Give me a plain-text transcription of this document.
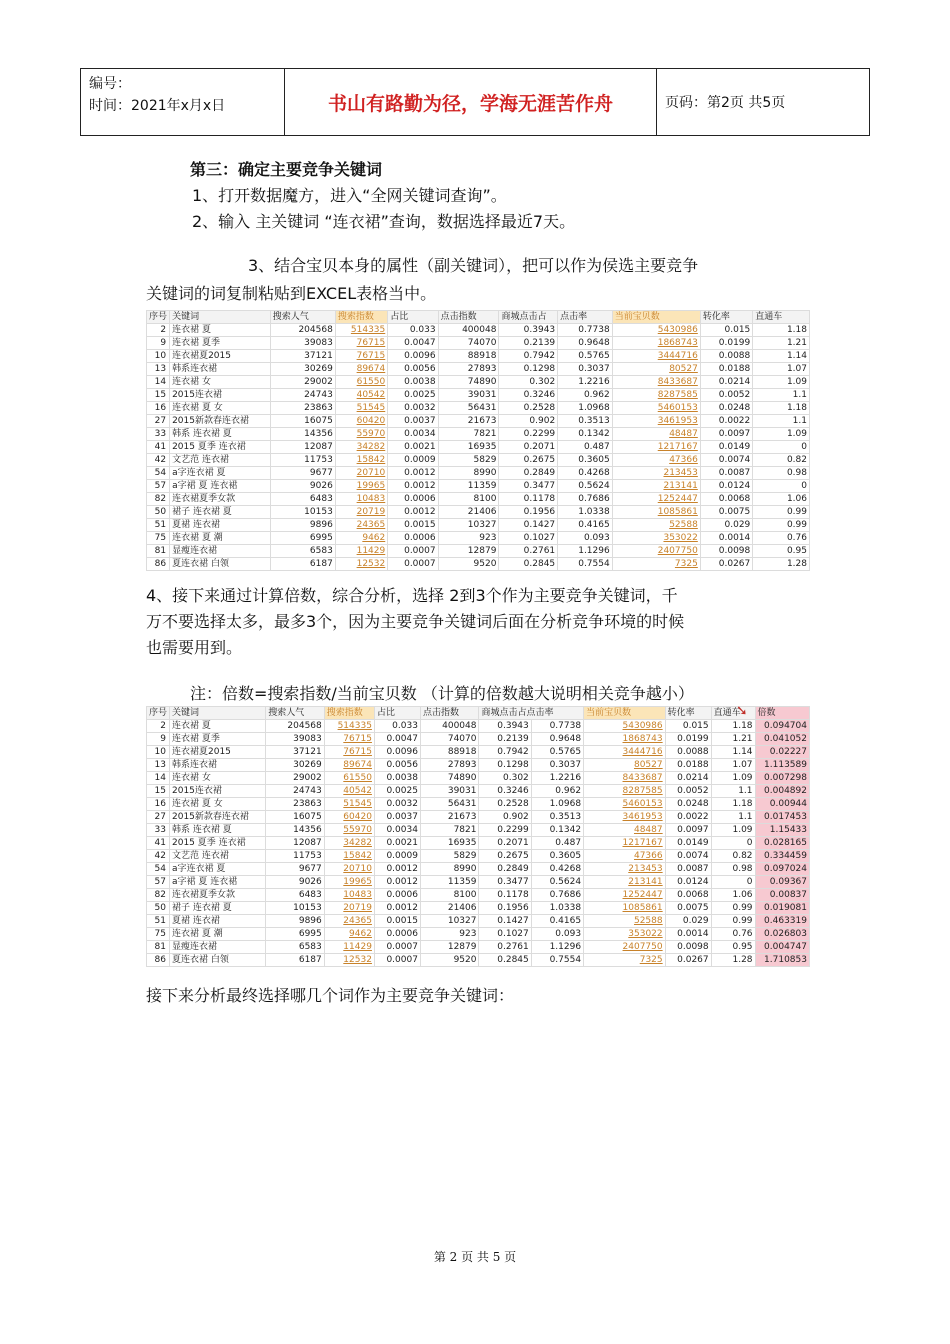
编号：
时间：2021年x月x日	书山有路勤为径，学海无涯苦作舟	页码：第2页 共5页
第三：确定主要竞争关键词
1、打开数据魔方，进入“全网关键词查询”。
2、输入 主关键词 “连衣裙”查询，数据选择最近7天。
3、结合宝贝本身的属性（副关键词），把可以作为侯选主要竞争
关键词的词复制粘贴到EXCEL表格当中。
序号	关键词	搜索人气	搜索指数	占比	点击指数	商城点击占	点击率	当前宝贝数	转化率	直通车
2	连衣裙 夏	204568	514335	0.033	400048	0.3943	0.7738	5430986	0.015	1.18
9	连衣裙 夏季	39083	76715	0.0047	74070	0.2139	0.9648	1868743	0.0199	1.21
10	连衣裙夏2015	37121	76715	0.0096	88918	0.7942	0.5765	3444716	0.0088	1.14
13	韩系连衣裙	30269	89674	0.0056	27893	0.1298	0.3037	80527	0.0188	1.07
14	连衣裙 女	29002	61550	0.0038	74890	0.302	1.2216	8433687	0.0214	1.09
15	2015连衣裙	24743	40542	0.0025	39031	0.3246	0.962	8287585	0.0052	1.1
16	连衣裙 夏 女	23863	51545	0.0032	56431	0.2528	1.0968	5460153	0.0248	1.18
27	2015新款春连衣裙	16075	60420	0.0037	21673	0.902	0.3513	3461953	0.0022	1.1
33	韩系 连衣裙 夏	14356	55970	0.0034	7821	0.2299	0.1342	48487	0.0097	1.09
41	2015 夏季 连衣裙	12087	34282	0.0021	16935	0.2071	0.487	1217167	0.0149	0
42	文艺范 连衣裙	11753	15842	0.0009	5829	0.2675	0.3605	47366	0.0074	0.82
54	a字连衣裙 夏	9677	20710	0.0012	8990	0.2849	0.4268	213453	0.0087	0.98
57	a字裙 夏 连衣裙	9026	19965	0.0012	11359	0.3477	0.5624	213141	0.0124	0
82	连衣裙夏季女款	6483	10483	0.0006	8100	0.1178	0.7686	1252447	0.0068	1.06
50	裙子 连衣裙 夏	10153	20719	0.0012	21406	0.1956	1.0338	1085861	0.0075	0.99
51	夏裙 连衣裙	9896	24365	0.0015	10327	0.1427	0.4165	52588	0.029	0.99
75	连衣裙 夏 潮	6995	9462	0.0006	923	0.1027	0.093	353022	0.0014	0.76
81	显瘦连衣裙	6583	11429	0.0007	12879	0.2761	1.1296	2407750	0.0098	0.95
86	夏连衣裙 白领	6187	12532	0.0007	9520	0.2845	0.7554	7325	0.0267	1.28
4、接下来通过计算倍数，综合分析，选择 2到3个作为主要竞争关键词，千
万不要选择太多，最多3个，因为主要竞争关键词后面在分析竞争环境的时候
也需要用到。
注：倍数=搜索指数/当前宝贝数 （计算的倍数越大说明相关竞争越小）
序号	关键词	搜索人气	搜索指数	占比	点击指数	商城点击占点击率		当前宝贝数	转化率	直通车	倍数
2	连衣裙 夏	204568	514335	0.033	400048	0.3943	0.7738	5430986	0.015	1.18	0.094704
9	连衣裙 夏季	39083	76715	0.0047	74070	0.2139	0.9648	1868743	0.0199	1.21	0.041052
10	连衣裙夏2015	37121	76715	0.0096	88918	0.7942	0.5765	3444716	0.0088	1.14	0.02227
13	韩系连衣裙	30269	89674	0.0056	27893	0.1298	0.3037	80527	0.0188	1.07	1.113589
14	连衣裙 女	29002	61550	0.0038	74890	0.302	1.2216	8433687	0.0214	1.09	0.007298
15	2015连衣裙	24743	40542	0.0025	39031	0.3246	0.962	8287585	0.0052	1.1	0.004892
16	连衣裙 夏 女	23863	51545	0.0032	56431	0.2528	1.0968	5460153	0.0248	1.18	0.00944
27	2015新款春连衣裙	16075	60420	0.0037	21673	0.902	0.3513	3461953	0.0022	1.1	0.017453
33	韩系 连衣裙 夏	14356	55970	0.0034	7821	0.2299	0.1342	48487	0.0097	1.09	1.15433
41	2015 夏季 连衣裙	12087	34282	0.0021	16935	0.2071	0.487	1217167	0.0149	0	0.028165
42	文艺范 连衣裙	11753	15842	0.0009	5829	0.2675	0.3605	47366	0.0074	0.82	0.334459
54	a字连衣裙 夏	9677	20710	0.0012	8990	0.2849	0.4268	213453	0.0087	0.98	0.097024
57	a字裙 夏 连衣裙	9026	19965	0.0012	11359	0.3477	0.5624	213141	0.0124	0	0.09367
82	连衣裙夏季女款	6483	10483	0.0006	8100	0.1178	0.7686	1252447	0.0068	1.06	0.00837
50	裙子 连衣裙 夏	10153	20719	0.0012	21406	0.1956	1.0338	1085861	0.0075	0.99	0.019081
51	夏裙 连衣裙	9896	24365	0.0015	10327	0.1427	0.4165	52588	0.029	0.99	0.463319
75	连衣裙 夏 潮	6995	9462	0.0006	923	0.1027	0.093	353022	0.0014	0.76	0.026803
81	显瘦连衣裙	6583	11429	0.0007	12879	0.2761	1.1296	2407750	0.0098	0.95	0.004747
86	夏连衣裙 白领	6187	12532	0.0007	9520	0.2845	0.7554	7325	0.0267	1.28	1.710853
➘
接下来分析最终选择哪几个词作为主要竞争关键词：
第 2 页 共 5 页
